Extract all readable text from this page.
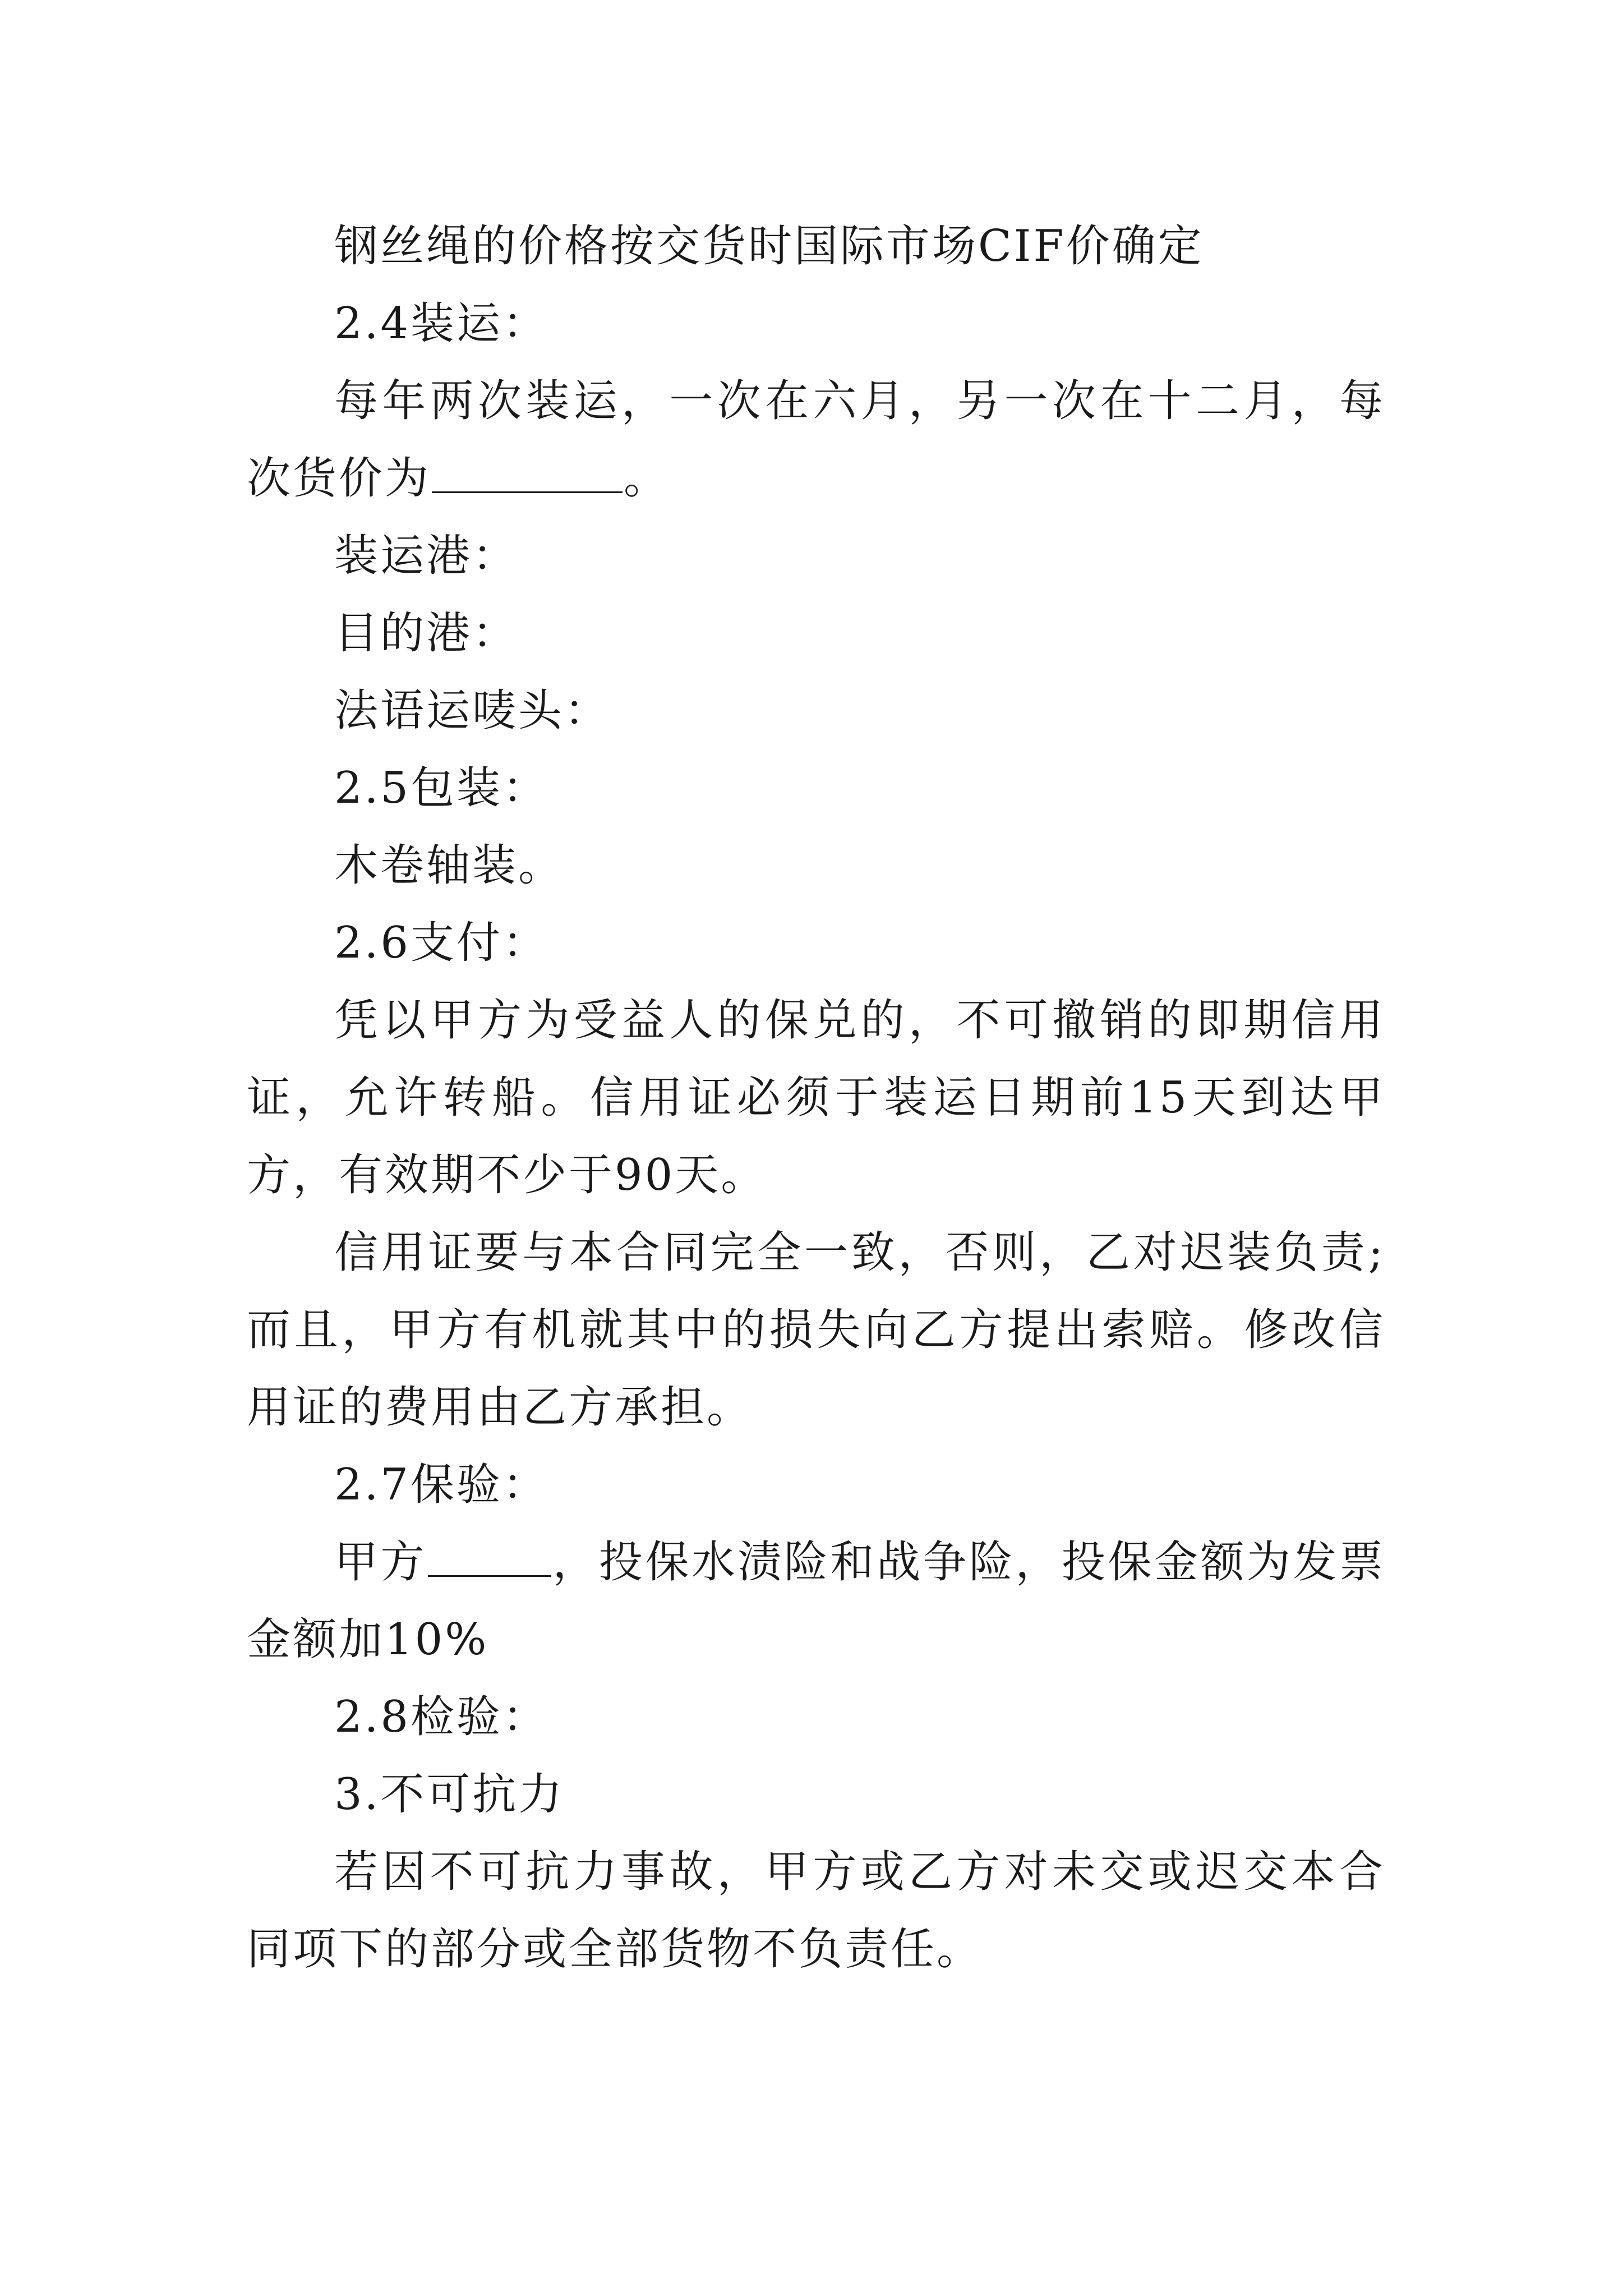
钢丝绳的价格按交货时国际市场CIF价确定

2.4装运：

每年两次装运，一次在六月，另一次在十二月，每次货价为	。

装运港：

目的港：

法语运唛头：

2.5包装：

木卷轴装。

2.6支付：

凭以甲方为受益人的保兑的，不可撤销的即期信用证，允许转船。信用证必须于装运日期前15天到达甲方，有效期不少于90天。

信用证要与本合同完全一致，否则，乙对迟装负责;而且，甲方有机就其中的损失向乙方提出索赔。修改信用证的费用由乙方承担。

2.7保验：

甲方	，投保水渍险和战争险，投保金额为发票金额加10%

2.8检验：

3.不可抗力

若因不可抗力事故，甲方或乙方对未交或迟交本合同项下的部分或全部货物不负责任。
